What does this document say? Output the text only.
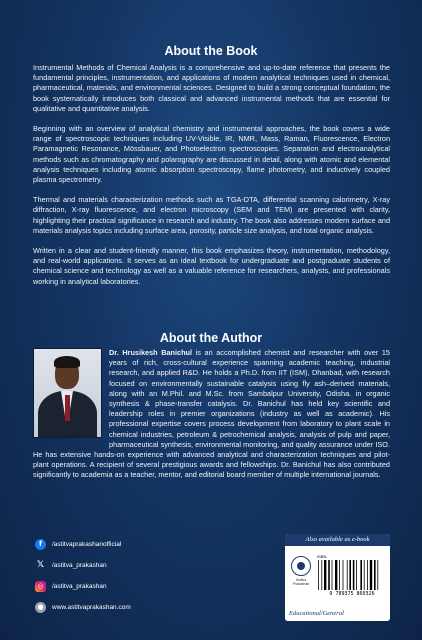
About the Book

Instrumental Methods of Chemical Analysis is a comprehensive and up-to-date reference that presents the fundamental principles, instrumentation, and applications of modern analytical techniques used in chemical, pharmaceutical, materials, and environmental sciences. Designed to build a strong conceptual foundation, the book systematically introduces both classical and advanced instrumental methods that are essential for qualitative and quantitative analysis.

Beginning with an overview of analytical chemistry and instrumental approaches, the book covers a wide range of spectroscopic techniques including UV-Visible, IR, NMR, Mass, Raman, Fluorescence, Electron Paramagnetic Resonance, Mössbauer, and Photoelectron spectroscopies. Separation and electroanalytical methods such as chromatography and polarography are discussed in detail, along with atomic and elemental analysis techniques including atomic absorption spectroscopy, flame photometry, and inductively coupled plasma spectrometry.

Thermal and materials characterization methods such as TGA-DTA, differential scanning calorimetry, X-ray diffraction, X-ray fluorescence, and electron microscopy (SEM and TEM) are presented with clarity, highlighting their practical significance in research and industry. The book also addresses modern surface and materials analysis topics including surface area, porosity, particle size analysis, and total organic analysis.

Written in a clear and student-friendly manner, this book emphasizes theory, instrumentation, methodology, and real-world applications. It serves as an ideal textbook for undergraduate and postgraduate students of chemical science and technology as well as a valuable reference for researchers, analysts, and professionals working in analytical laboratories.

About the Author

Dr. Hrusikesh Banichul is an accomplished chemist and researcher with over 15 years of rich, cross-cultural experience spanning academic teaching, industrial research, and applied R&D. He holds a Ph.D. from IIT (ISM), Dhanbad, with research focused on environmentally sustainable catalysis using fly ash–derived materials, along with an M.Phil. and M.Sc. from Sambalpur University, Odisha. in organic synthesis & phase-transfer catalysis. Dr. Banichul has held key scientific and leadership roles in premier organizations (industry as well as academic). His professional expertise covers process development from laboratory to plant scale in chemical industries, petroleum & petrochemical analysis, analysis of pulp and paper, pharmaceutical synthesis, environmental monitoring, and quality assurance under ISO. He has extensive hands-on experience with advanced analytical and characterization techniques and pilot-plant operations. A recipient of several prestigious awards and fellowships. Dr. Banichul has also contributed significantly to academia as a teacher, mentor, and editorial board member of multiple international journals.

f	/astitvaprakashanofficial
𝕏 /astitva_prakashan
◎	/astitva_prakashan
●	www.astitvaprakashan.com
Also available as e-book
Astitva Prakashan
ISBN
9 789375 860326
Educational/General
